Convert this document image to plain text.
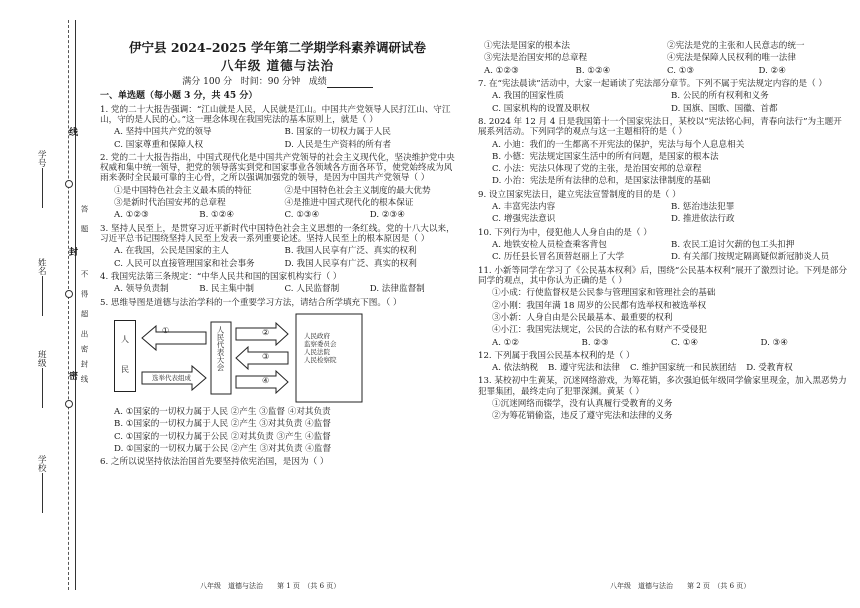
学号
姓名
班级
学校
线
封
密
答
题
不
得
超
出
密
封
线
伊宁县 2024–2025 学年第二学期学科素养调研试卷
八年级 道德与法治
满分 100 分 时间：90 分钟 成绩
一、单选题（每小题 3 分，共 45 分）
1. 党的二十大报告强调：“江山就是人民，人民就是江山。中国共产党领导人民打江山、守江山，守的是人民的心。”这一理念体现在我国宪法的基本原则上，就是（ ）
A. 坚持中国共产党的领导	B. 国家的一切权力属于人民
C. 国家尊重和保障人权	D. 人民是生产资料的所有者
2. 党的二十大报告指出，中国式现代化是中国共产党领导的社会主义现代化，坚决维护党中央权威和集中统一领导，把党的领导落实到党和国家事业各领域各方面各环节，使党始终成为风雨来袭时全民最可靠的主心骨，之所以强调加强党的领导，是因为中国共产党领导（ ）
①是中国特色社会主义最本质的特征	②是中国特色社会主义制度的最大优势
③是新时代治国安邦的总章程	④是推进中国式现代化的根本保证
A. ①②③	B. ①②④	C. ①③④	D. ②③④
3. 坚持人民至上，是贯穿习近平新时代中国特色社会主义思想的一条红线。党的十八大以来，习近平总书记围绕坚持人民至上发表一系列重要论述。坚持人民至上的根本原因是（ ）
A. 在我国，公民是国家的主人	B. 我国人民享有广泛、真实的权利
C. 人民可以直接管理国家和社会事务	D. 我国人民享有广泛、真实的权利
4. 我国宪法第三条规定：“中华人民共和国的国家机构实行（ ）
A. 领导负责制	B. 民主集中制	C. 人民监督制	D. 法律监督制
5. 思维导图是道德与法治学科的一个重要学习方法，请结合所学填充下图。（ ）
人
民
①
选举代表组成
人民代表大会	②
③
④
人民政府
监察委员会
人民法院
人民检察院
A. ①国家的一切权力属于人民 ②产生 ③监督 ④对其负责
B. ①国家的一切权力属于人民 ②产生 ③对其负责 ④监督
C. ①国家的一切权力属于公民 ②对其负责 ③产生 ④监督
D. ①国家的一切权力属于公民 ②产生 ③对其负责 ④监督
6. 之所以说坚持依法治国首先要坚持依宪治国，是因为（ ）
八年级　道德与法治　　第 1 页　（共 6 页）
①宪法是国家的根本法	②宪法是党的主张和人民意志的统一
③宪法是治国安邦的总章程	④宪法是保障人民权利的唯一法律
A. ①②③	B. ①②④	C. ①③	D. ②④
7. 在“宪法晨读”活动中，大家一起诵读了宪法部分章节。下列不属于宪法规定内容的是（ ）
A. 我国的国家性质	B. 公民的所有权利和义务
C. 国家机构的设置及职权	D. 国旗、国歌、国徽、首都
8. 2024 年 12 月 4 日是我国第十一个国家宪法日，某校以“宪法铭心间，青春向法行”为主题开展系列活动。下列同学的观点与这一主题相符的是（ ）
A. 小迪：我们的一生都离不开宪法的保护，宪法与每个人息息相关
B. 小德：宪法规定国家生活中的所有问题，是国家的根本法
C. 小法：宪法只体现了党的主张，是治国安邦的总章程
D. 小治：宪法是所有法律的总和，是国家法律制度的基础
9. 设立国家宪法日，建立宪法宣誓制度的目的是（ ）
A. 丰富宪法内容	B. 惩治违法犯罪
C. 增强宪法意识	D. 推进依法行政
10. 下列行为中，侵犯他人人身自由的是（ ）
A. 地铁安检人员检查乘客背包	B. 农民工追讨欠薪的包工头扣押
C. 历任县长冒名顶替赵丽上了大学	D. 有关部门按规定隔离疑似新冠肺炎人员
11. 小新等同学在学习了《公民基本权利》后，围绕“公民基本权利”展开了激烈讨论。下列是部分同学的观点，其中你认为正确的是（ ）
①小成：行使监督权是公民参与管理国家和管理社会的基础
②小刚：我国年满 18 周岁的公民都有选举权和被选举权
③小新：人身自由是公民最基本、最重要的权利
④小江：我国宪法规定，公民的合法的私有财产不受侵犯
A. ①②	B. ②③	C. ①④	D. ③④
12. 下列属于我国公民基本权利的是（ ）
A. 依法纳税 B. 遵守宪法和法律 C. 维护国家统一和民族团结 D. 受教育权
13. 某校初中生黄某，沉迷网络游戏，为筹花销，多次强迫低年级同学偷家里现金，加入黑恶势力犯罪集团，最终走向了犯罪深渊。黄某（ ）
①沉迷网络而辍学，没有认真履行受教育的义务
②为筹花销偷盗，违反了遵守宪法和法律的义务
八年级　道德与法治　　第 2 页　（共 6 页）
